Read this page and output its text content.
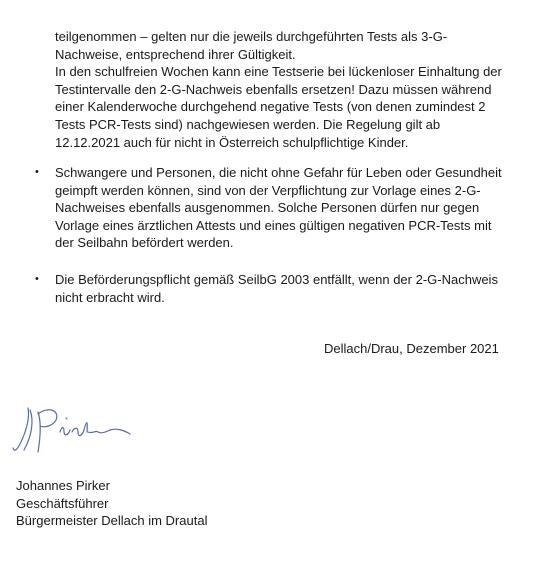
teilgenommen – gelten nur die jeweils durchgeführten Tests als 3-G-
Nachweise, entsprechend ihrer Gültigkeit.
In den schulfreien Wochen kann eine Testserie bei lückenloser Einhaltung der
Testintervalle den 2-G-Nachweis ebenfalls ersetzen! Dazu müssen während
einer Kalenderwoche durchgehend negative Tests (von denen zumindest 2
Tests PCR-Tests sind) nachgewiesen werden. Die Regelung gilt ab
12.12.2021 auch für nicht in Österreich schulpflichtige Kinder.
• Schwangere und Personen, die nicht ohne Gefahr für Leben oder Gesundheit
geimpft werden können, sind von der Verpflichtung zur Vorlage eines 2-G-
Nachweises ebenfalls ausgenommen. Solche Personen dürfen nur gegen
Vorlage eines ärztlichen Attests und eines gültigen negativen PCR-Tests mit
der Seilbahn befördert werden.
• Die Beförderungspflicht gemäß SeilbG 2003 entfällt, wenn der 2-G-Nachweis
nicht erbracht wird.
Dellach/Drau, Dezember 2021
Johannes Pirker
Geschäftsführer
Bürgermeister Dellach im Drautal
